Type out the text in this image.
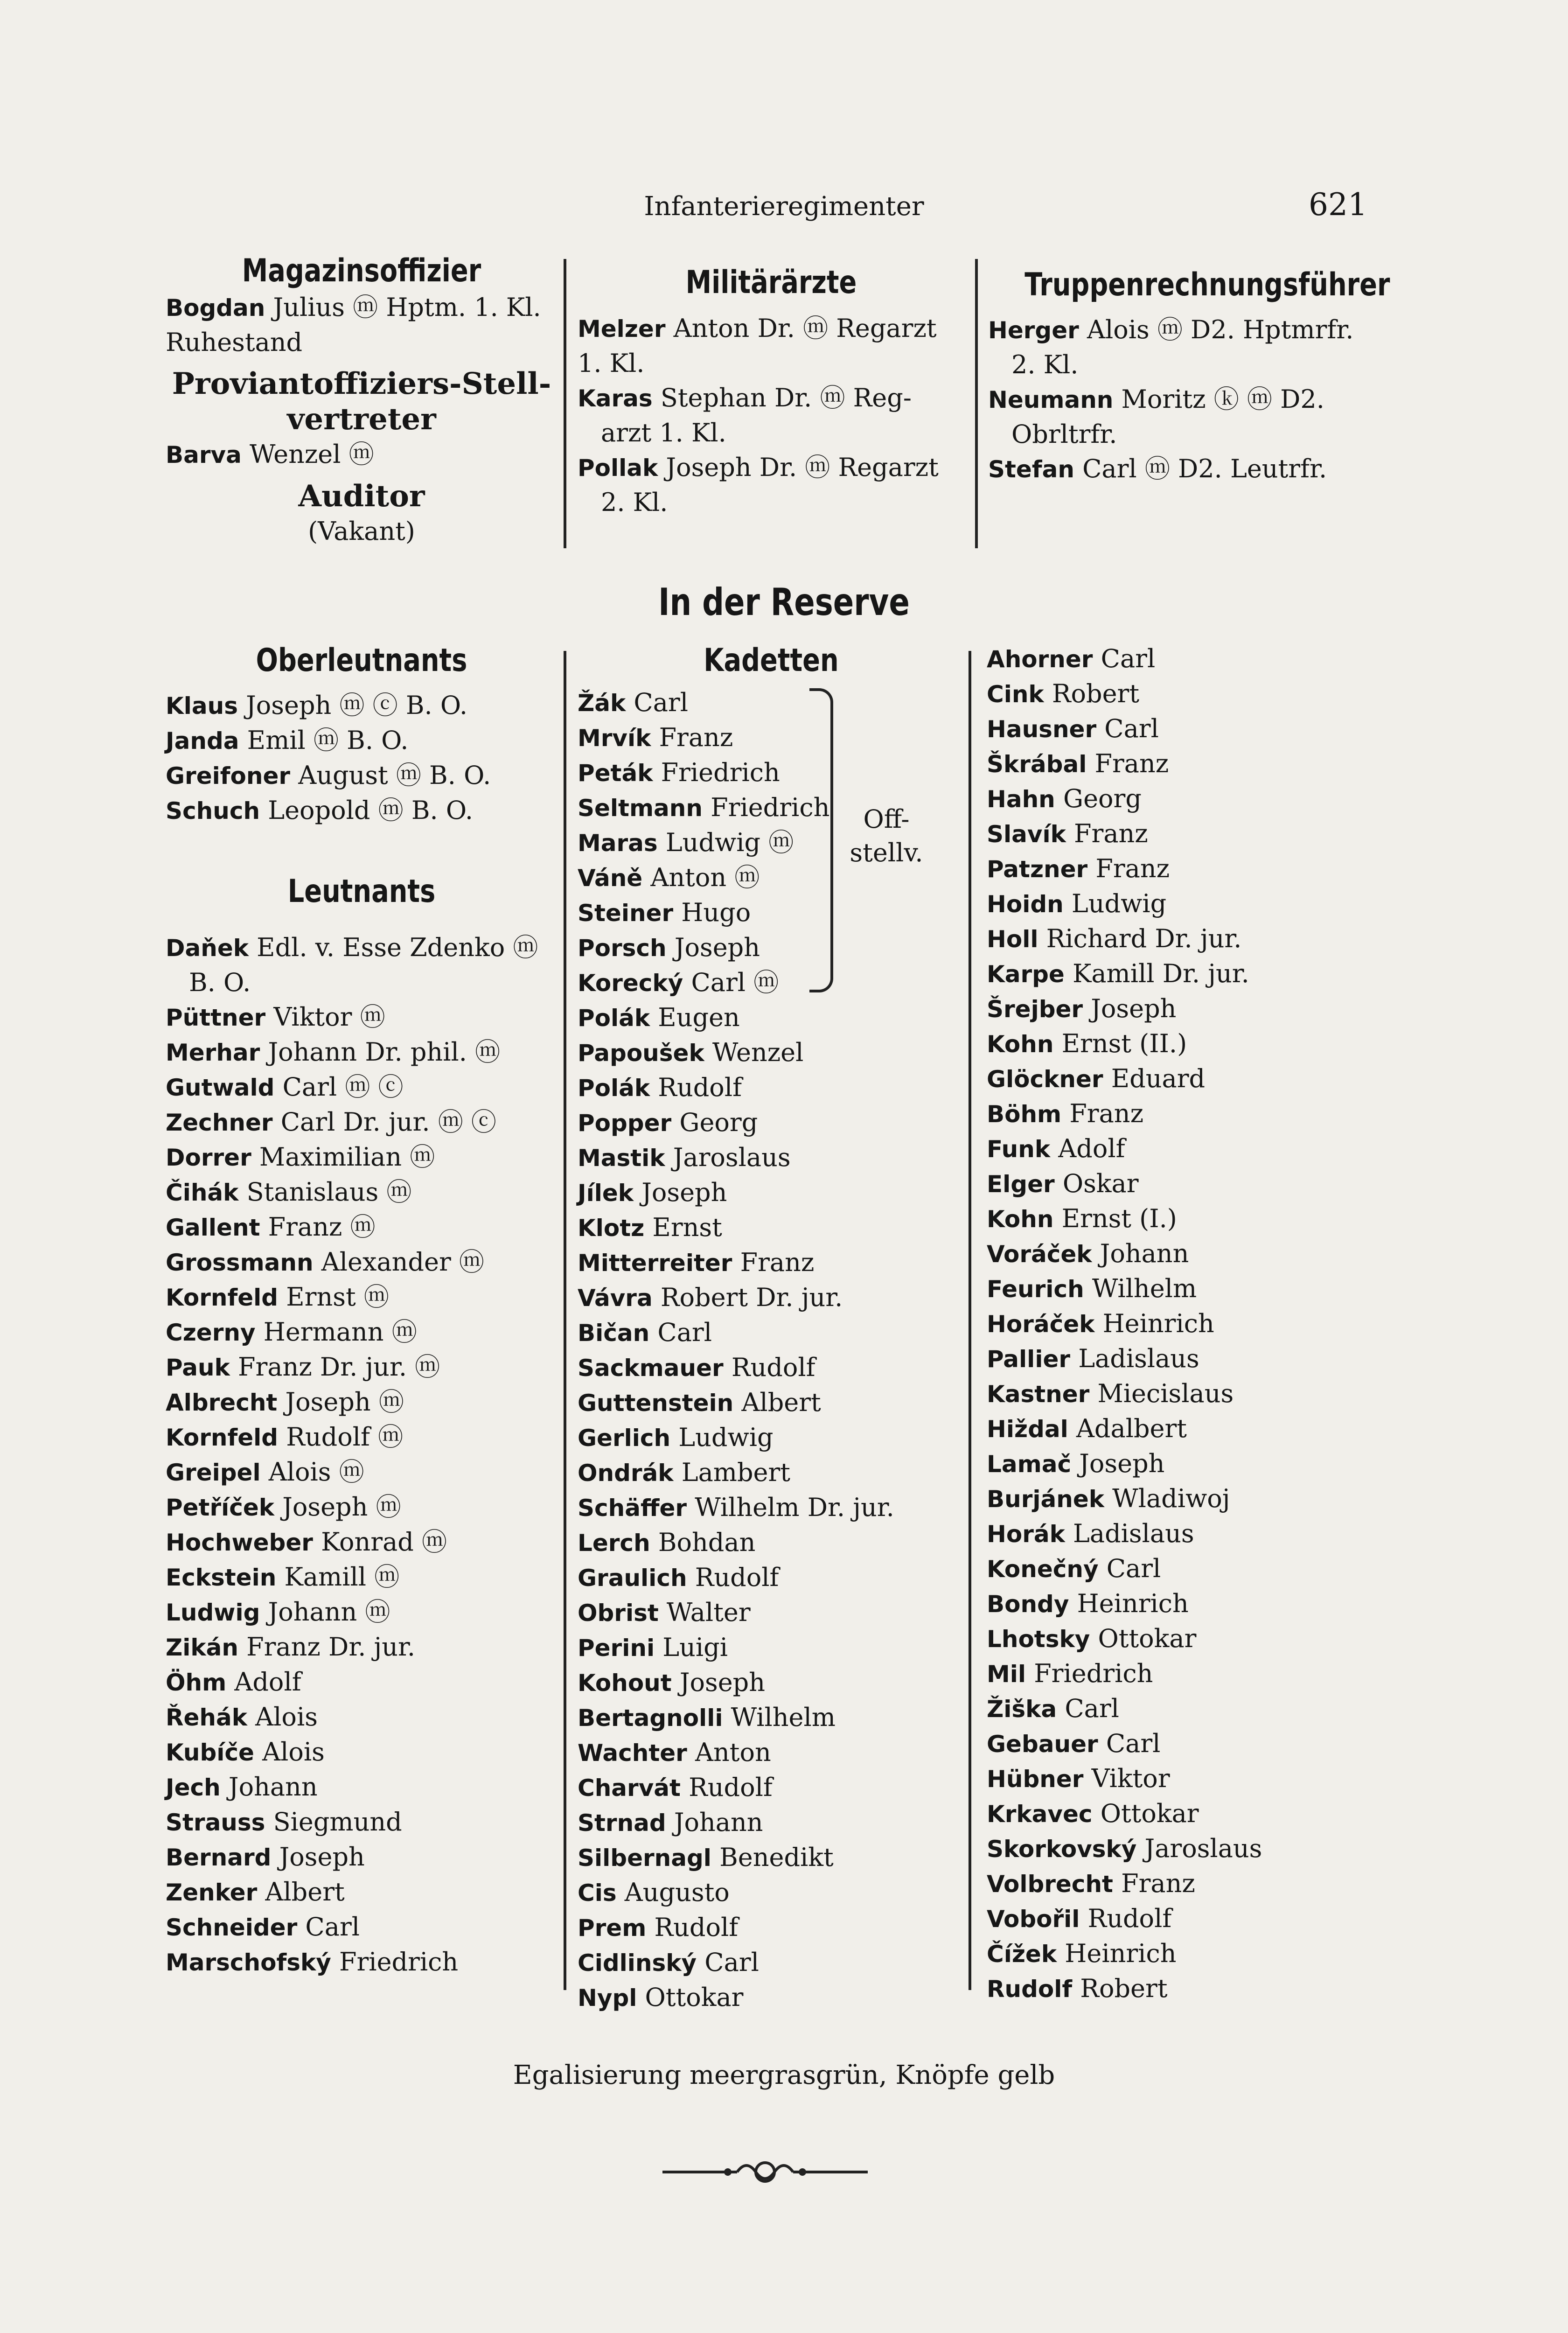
Infanterieregimenter	621
Magazinsoffizier
Bogdan Julius ⓜ Hptm. 1. Kl.
Ruhestand
Proviantoffiziers-Stell-
vertreter
Barva Wenzel ⓜ
Auditor
(Vakant)
Militärärzte
Melzer Anton Dr. ⓜ Regarzt
1. Kl.
Karas Stephan Dr. ⓜ Reg-
arzt 1. Kl.
Pollak Joseph Dr. ⓜ Regarzt
2. Kl.
Truppenrechnungsführer
Herger Alois ⓜ D2. Hptmrfr.
2. Kl.
Neumann Moritz ⓚ ⓜ D2.
Obrltrfr.
Stefan Carl ⓜ D2. Leutrfr.
In der Reserve
Oberleutnants
Klaus Joseph ⓜ ⓒ B. O.
Janda Emil ⓜ B. O.
Greifoner August ⓜ B. O.
Schuch Leopold ⓜ B. O.
Leutnants
Daňek Edl. v. Esse Zdenko ⓜ
B. O.
Püttner Viktor ⓜ
Merhar Johann Dr. phil. ⓜ
Gutwald Carl ⓜ ⓒ
Zechner Carl Dr. jur. ⓜ ⓒ
Dorrer Maximilian ⓜ
Čihák Stanislaus ⓜ
Gallent Franz ⓜ
Grossmann Alexander ⓜ
Kornfeld Ernst ⓜ
Czerny Hermann ⓜ
Pauk Franz Dr. jur. ⓜ
Albrecht Joseph ⓜ
Kornfeld Rudolf ⓜ
Greipel Alois ⓜ
Petříček Joseph ⓜ
Hochweber Konrad ⓜ
Eckstein Kamill ⓜ
Ludwig Johann ⓜ
Zikán Franz Dr. jur.
Öhm Adolf
Řehák Alois
Kubíče Alois
Jech Johann
Strauss Siegmund
Bernard Joseph
Zenker Albert
Schneider Carl
Marschofský Friedrich
Kadetten
Žák Carl
Mrvík Franz
Peták Friedrich
Seltmann Friedrich
Maras Ludwig ⓜ
Váně Anton ⓜ
Steiner Hugo
Porsch Joseph
Korecký Carl ⓜ
Polák Eugen
Papoušek Wenzel
Polák Rudolf
Popper Georg
Mastik Jaroslaus
Jílek Joseph
Klotz Ernst
Mitterreiter Franz
Vávra Robert Dr. jur.
Bičan Carl
Sackmauer Rudolf
Guttenstein Albert
Gerlich Ludwig
Ondrák Lambert
Schäffer Wilhelm Dr. jur.
Lerch Bohdan
Graulich Rudolf
Obrist Walter
Perini Luigi
Kohout Joseph
Bertagnolli Wilhelm
Wachter Anton
Charvát Rudolf
Strnad Johann
Silbernagl Benedikt
Cis Augusto
Prem Rudolf
Cidlinský Carl
Nypl Ottokar
Off-
stellv.
Ahorner Carl
Cink Robert
Hausner Carl
Škrábal Franz
Hahn Georg
Slavík Franz
Patzner Franz
Hoidn Ludwig
Holl Richard Dr. jur.
Karpe Kamill Dr. jur.
Šrejber Joseph
Kohn Ernst (II.)
Glöckner Eduard
Böhm Franz
Funk Adolf
Elger Oskar
Kohn Ernst (I.)
Voráček Johann
Feurich Wilhelm
Horáček Heinrich
Pallier Ladislaus
Kastner Miecislaus
Hiždal Adalbert
Lamač Joseph
Burjánek Wladiwoj
Horák Ladislaus
Konečný Carl
Bondy Heinrich
Lhotsky Ottokar
Mil Friedrich
Žiška Carl
Gebauer Carl
Hübner Viktor
Krkavec Ottokar
Skorkovský Jaroslaus
Volbrecht Franz
Vobořil Rudolf
Čížek Heinrich
Rudolf Robert
Egalisierung meergrasgrün, Knöpfe gelb
